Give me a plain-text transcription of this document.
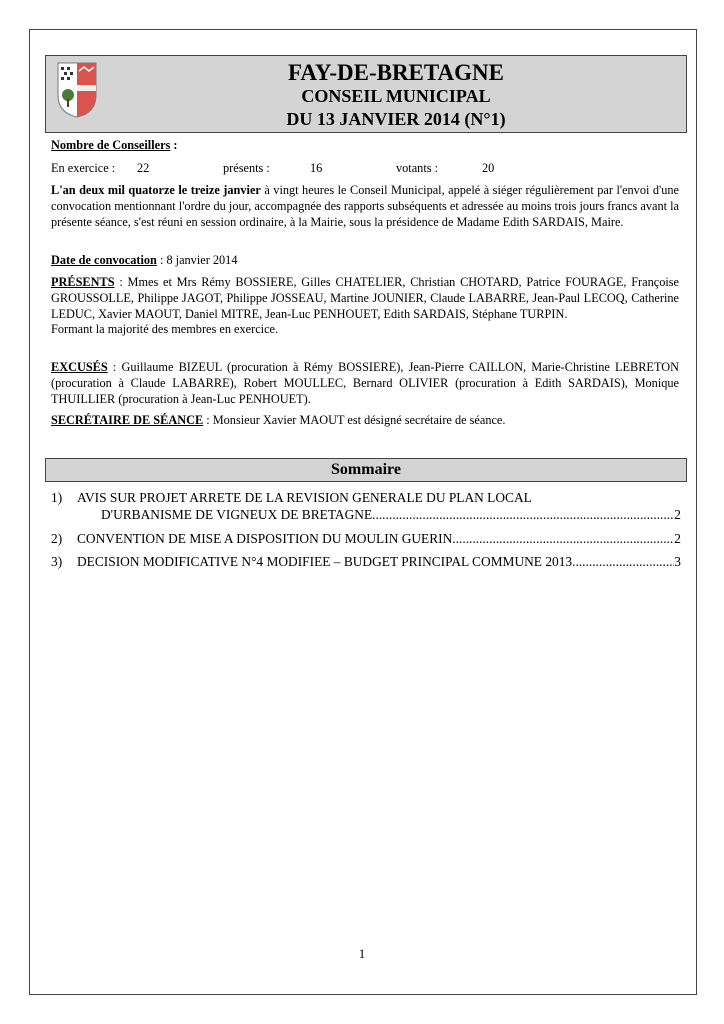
FAY-DE-BRETAGNE
CONSEIL MUNICIPAL
DU 13 JANVIER 2014 (N°1)
Nombre de Conseillers :
En exercice : 22	présents :	16	votants :	20
L'an deux mil quatorze le treize janvier à vingt heures le Conseil Municipal, appelé à siéger régulièrement par l'envoi d'une convocation mentionnant l'ordre du jour, accompagnée des rapports subséquents et adressée au moins trois jours francs avant la présente séance, s'est réuni en session ordinaire, à la Mairie, sous la présidence de Madame Edith SARDAIS, Maire.
Date de convocation : 8 janvier 2014
PRÉSENTS : Mmes et Mrs Rémy BOSSIERE, Gilles CHATELIER, Christian CHOTARD, Patrice FOURAGE, Françoise GROUSSOLLE, Philippe JAGOT, Philippe JOSSEAU, Martine JOUNIER, Claude LABARRE, Jean-Paul LECOQ, Catherine LEDUC, Xavier MAOUT, Daniel MITRE, Jean-Luc PENHOUET, Edith SARDAIS, Stéphane TURPIN.
Formant la majorité des membres en exercice.
EXCUSÉS : Guillaume BIZEUL (procuration à Rémy BOSSIERE), Jean-Pierre CAILLON, Marie-Christine LEBRETON (procuration à Claude LABARRE), Robert MOULLEC, Bernard OLIVIER (procuration à Edith SARDAIS), Monique THUILLIER (procuration à Jean-Luc PENHOUET).
SECRÉTAIRE DE SÉANCE : Monsieur Xavier MAOUT est désigné secrétaire de séance.
Sommaire
1) AVIS SUR PROJET ARRETE DE LA REVISION GENERALE DU PLAN LOCAL
D'URBANISME DE VIGNEUX DE BRETAGNE .....	2
2) CONVENTION DE MISE A DISPOSITION DU MOULIN GUERIN .....	2
3) DECISION MODIFICATIVE N°4 MODIFIEE – BUDGET PRINCIPAL COMMUNE 2013 .....	3
1
